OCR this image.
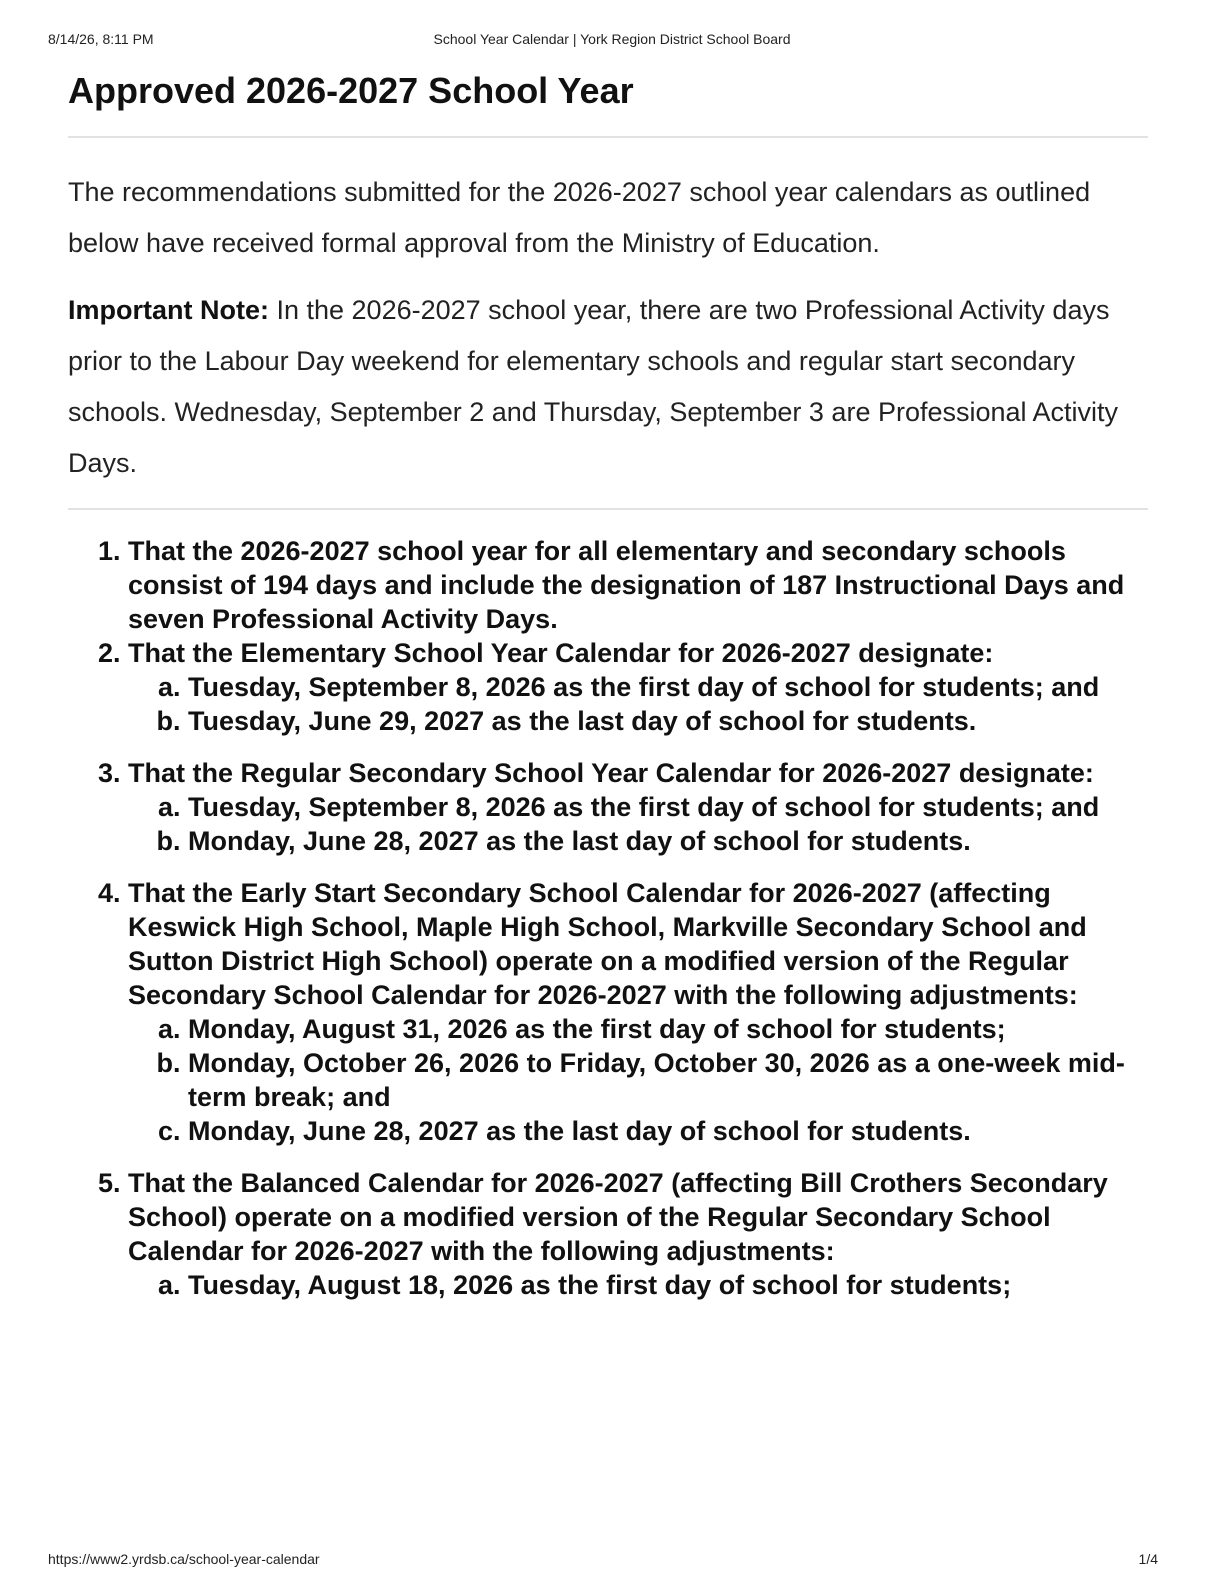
8/14/26, 8:11 PM	School Year Calendar | York Region District School Board
Approved 2026-2027 School Year

The recommendations submitted for the 2026-2027 school year calendars as outlined below have received formal approval from the Ministry of Education.

Important Note: In the 2026-2027 school year, there are two Professional Activity days prior to the Labour Day weekend for elementary schools and regular start secondary schools. Wednesday, September 2 and Thursday, September 3 are Professional Activity Days.

1. That the 2026-2027 school year for all elementary and secondary schools consist of 194 days and include the designation of 187 Instructional Days and seven Professional Activity Days.
2. That the Elementary School Year Calendar for 2026-2027 designate:
a. Tuesday, September 8, 2026 as the first day of school for students; and
b. Tuesday, June 29, 2027 as the last day of school for students.
3. That the Regular Secondary School Year Calendar for 2026-2027 designate:
a. Tuesday, September 8, 2026 as the first day of school for students; and
b. Monday, June 28, 2027 as the last day of school for students.
4. That the Early Start Secondary School Calendar for 2026-2027 (affecting Keswick High School, Maple High School, Markville Secondary School and Sutton District High School) operate on a modified version of the Regular Secondary School Calendar for 2026-2027 with the following adjustments:
a. Monday, August 31, 2026 as the first day of school for students;
b. Monday, October 26, 2026 to Friday, October 30, 2026 as a one-week mid-term break; and
c. Monday, June 28, 2027 as the last day of school for students.
5. That the Balanced Calendar for 2026-2027 (affecting Bill Crothers Secondary School) operate on a modified version of the Regular Secondary School Calendar for 2026-2027 with the following adjustments:
a. Tuesday, August 18, 2026 as the first day of school for students;
https://www2.yrdsb.ca/school-year-calendar	1/4
